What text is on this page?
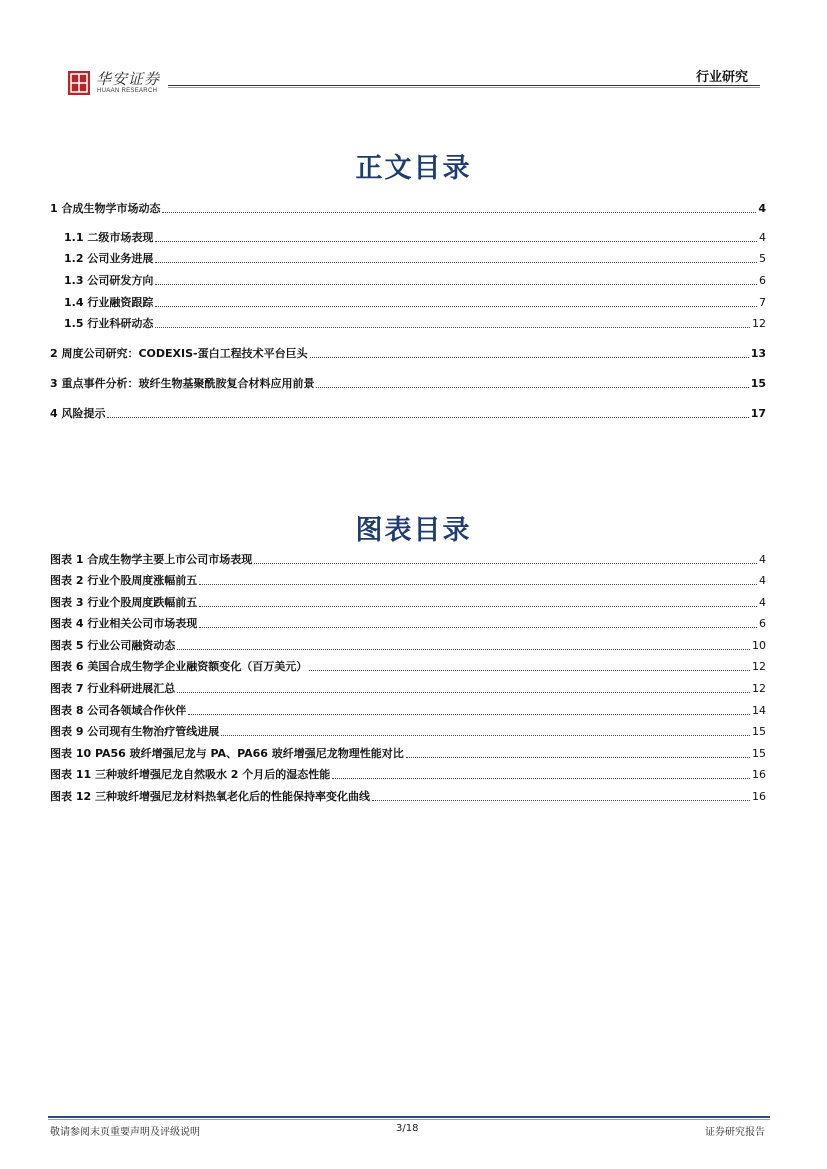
华安证券
HUAAN RESEARCH
行业研究
正文目录
1 合成生物学市场动态	4
1.1 二级市场表现	4
1.2 公司业务进展	5
1.3 公司研发方向	6
1.4 行业融资跟踪	7
1.5 行业科研动态	12
2 周度公司研究：CODEXIS-蛋白工程技术平台巨头	13
3 重点事件分析：玻纤生物基聚酰胺复合材料应用前景	15
4 风险提示	17
图表目录
图表 1 合成生物学主要上市公司市场表现	4
图表 2 行业个股周度涨幅前五	4
图表 3 行业个股周度跌幅前五	4
图表 4 行业相关公司市场表现	6
图表 5 行业公司融资动态	10
图表 6 美国合成生物学企业融资额变化（百万美元）	12
图表 7 行业科研进展汇总	12
图表 8 公司各领域合作伙伴	14
图表 9 公司现有生物治疗管线进展	15
图表 10 PA56 玻纤增强尼龙与 PA、PA66 玻纤增强尼龙物理性能对比	15
图表 11 三种玻纤增强尼龙自然吸水 2 个月后的湿态性能	16
图表 12 三种玻纤增强尼龙材料热氧老化后的性能保持率变化曲线	16
敬请参阅末页重要声明及评级说明	3/18	证券研究报告
